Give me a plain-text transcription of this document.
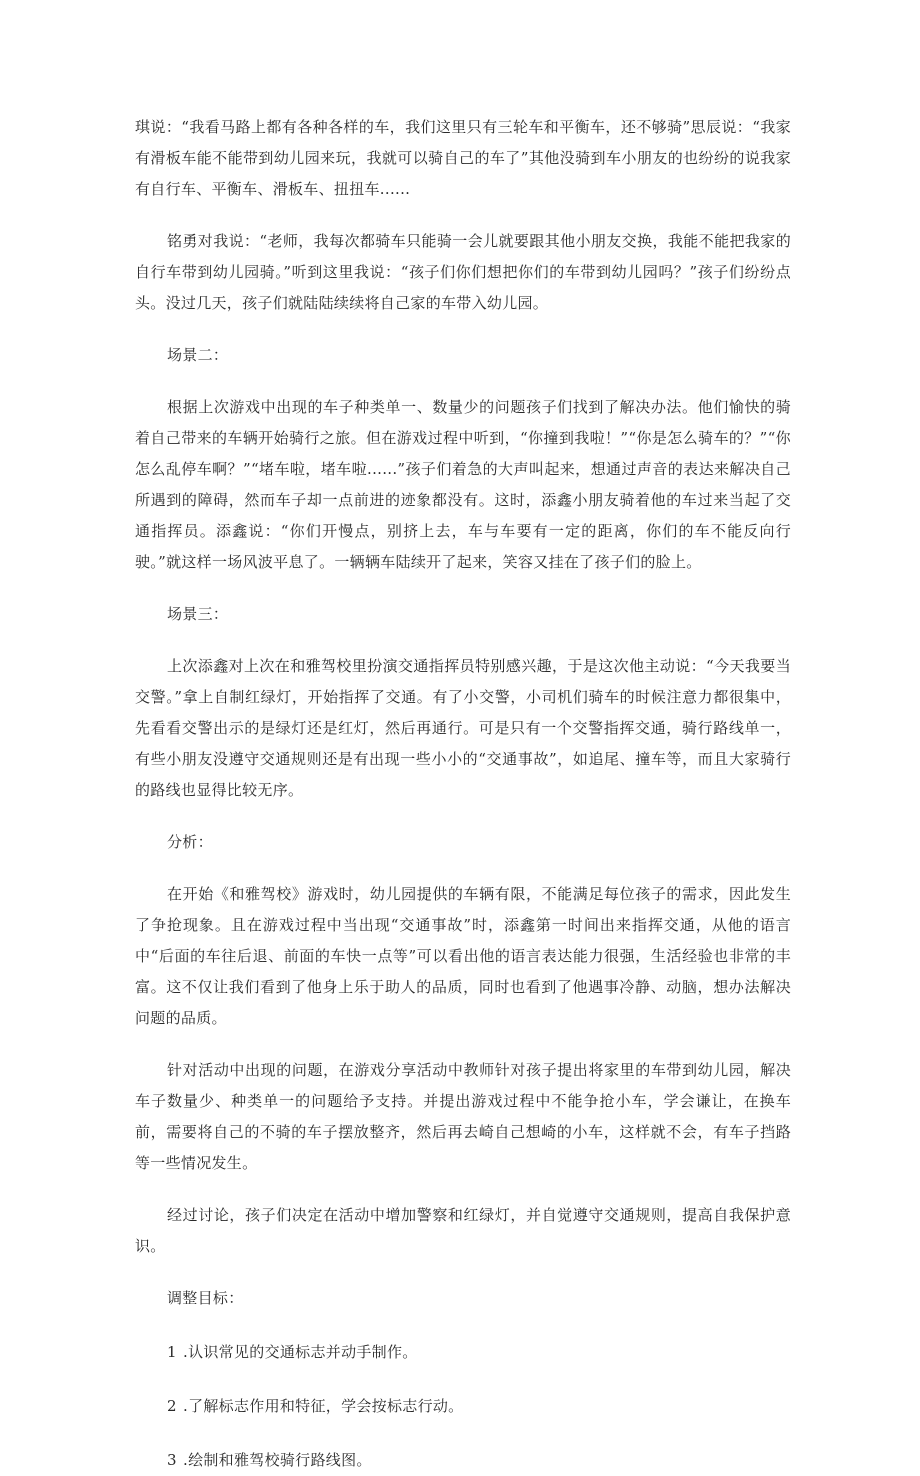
琪说：“我看马路上都有各种各样的车，我们这里只有三轮车和平衡车，还不够骑”思辰说：“我家有滑板车能不能带到幼儿园来玩，我就可以骑自己的车了”其他没骑到车小朋友的也纷纷的说我家有自行车、平衡车、滑板车、扭扭车......

铭勇对我说：“老师，我每次都骑车只能骑一会儿就要跟其他小朋友交换，我能不能把我家的自行车带到幼儿园骑。”听到这里我说：“孩子们你们想把你们的车带到幼儿园吗？”孩子们纷纷点头。没过几天，孩子们就陆陆续续将自己家的车带入幼儿园。

场景二：

根据上次游戏中出现的车子种类单一、数量少的问题孩子们找到了解决办法。他们愉快的骑着自己带来的车辆开始骑行之旅。但在游戏过程中听到，“你撞到我啦！”“你是怎么骑车的？”“你怎么乱停车啊？”“堵车啦，堵车啦......”孩子们着急的大声叫起来，想通过声音的表达来解决自己所遇到的障碍，然而车子却一点前进的迹象都没有。这时，添鑫小朋友骑着他的车过来当起了交通指挥员。添鑫说：“你们开慢点，别挤上去，车与车要有一定的距离，你们的车不能反向行驶。”就这样一场风波平息了。一辆辆车陆续开了起来，笑容又挂在了孩子们的脸上。

场景三：

上次添鑫对上次在和雅驾校里扮演交通指挥员特别感兴趣，于是这次他主动说：“今天我要当交警。”拿上自制红绿灯，开始指挥了交通。有了小交警，小司机们骑车的时候注意力都很集中，先看看交警出示的是绿灯还是红灯，然后再通行。可是只有一个交警指挥交通，骑行路线单一，有些小朋友没遵守交通规则还是有出现一些小小的“交通事故”，如追尾、撞车等，而且大家骑行的路线也显得比较无序。

分析：

在开始《和雅驾校》游戏时，幼儿园提供的车辆有限，不能满足每位孩子的需求，因此发生了争抢现象。且在游戏过程中当出现“交通事故”时，添鑫第一时间出来指挥交通，从他的语言中“后面的车往后退、前面的车快一点等”可以看出他的语言表达能力很强，生活经验也非常的丰富。这不仅让我们看到了他身上乐于助人的品质，同时也看到了他遇事冷静、动脑，想办法解决问题的品质。

针对活动中出现的问题，在游戏分享活动中教师针对孩子提出将家里的车带到幼儿园，解决车子数量少、种类单一的问题给予支持。并提出游戏过程中不能争抢小车，学会谦让，在换车前，需要将自己的不骑的车子摆放整齐，然后再去崎自己想崎的小车，这样就不会，有车子挡路等一些情况发生。

经过讨论，孩子们决定在活动中增加警察和红绿灯，并自觉遵守交通规则，提高自我保护意识。

调整目标：

1 .认识常见的交通标志并动手制作。

2 .了解标志作用和特征，学会按标志行动。

3 .绘制和雅驾校骑行路线图。
